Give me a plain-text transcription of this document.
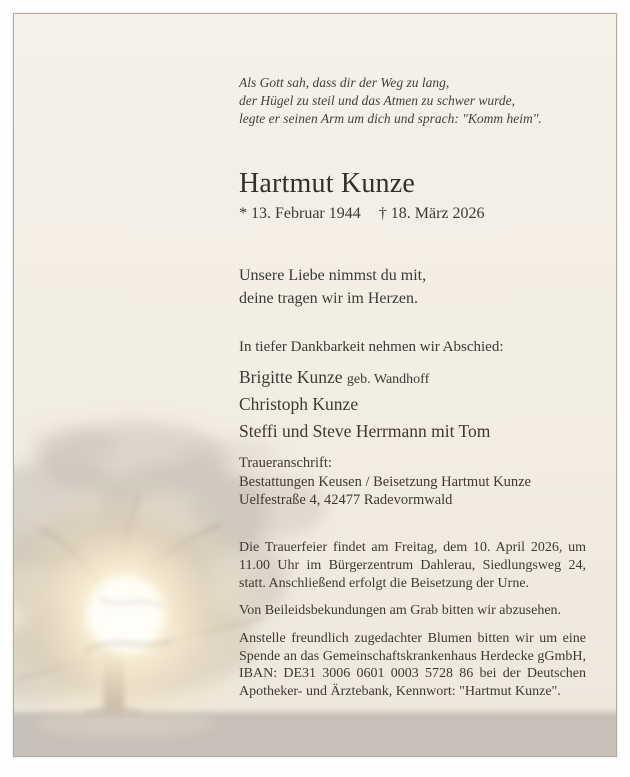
Als Gott sah, dass dir der Weg zu lang,
der Hügel zu steil und das Atmen zu schwer wurde,
legte er seinen Arm um dich und sprach: "Komm heim".
Hartmut Kunze
* 13. Februar 1944 † 18. März 2026
Unsere Liebe nimmst du mit,
deine tragen wir im Herzen.
In tiefer Dankbarkeit nehmen wir Abschied:
Brigitte Kunze geb. Wandhoff
Christoph Kunze
Steffi und Steve Herrmann mit Tom
Traueranschrift:
Bestattungen Keusen / Beisetzung Hartmut Kunze
Uelfestraße 4, 42477 Radevormwald
Die Trauerfeier findet am Freitag, dem 10. April 2026, um 11.00 Uhr im Bürgerzentrum Dahlerau, Siedlungsweg 24, statt. Anschließend erfolgt die Beisetzung der Urne.
Von Beileidsbekundungen am Grab bitten wir abzusehen.
Anstelle freundlich zugedachter Blumen bitten wir um eine Spende an das Gemeinschaftskrankenhaus Herdecke gGmbH, IBAN: DE31 3006 0601 0003 5728 86 bei der Deutschen Apotheker- und Ärztebank, Kennwort: "Hartmut Kunze".
